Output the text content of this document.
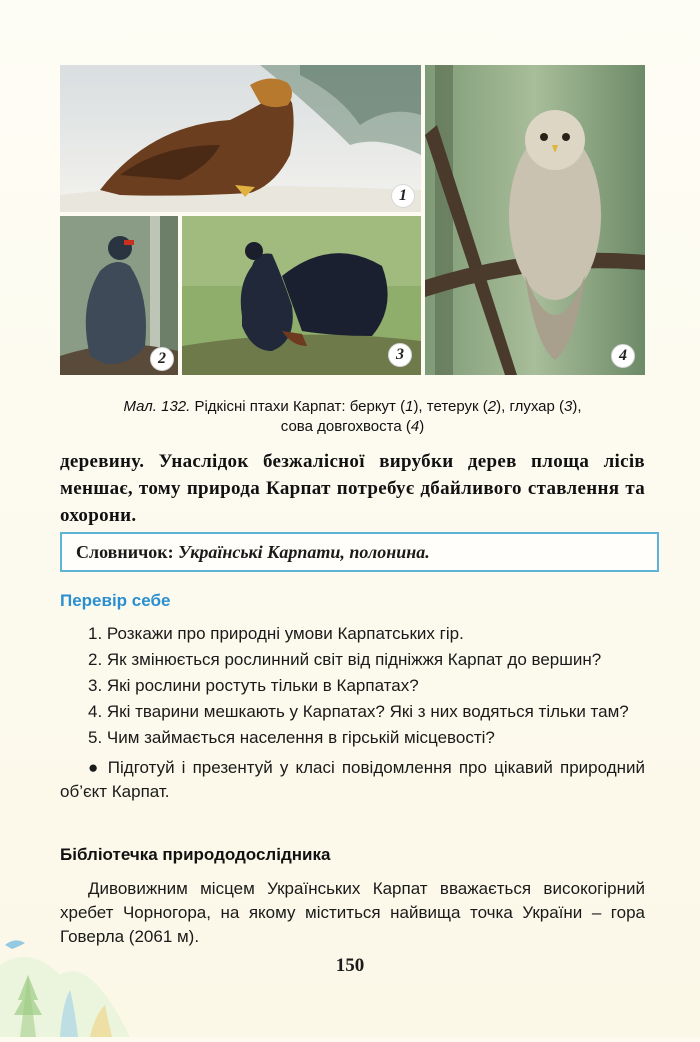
1
2	3	4
Мал. 132. Рідкісні птахи Карпат: беркут (1), тетерук (2), глухар (3),
сова довгохвоста (4)
деревину. Унаслідок безжалісної вирубки дерев площа лісів меншає, тому природа Карпат потребує дбайливого ставлення та охорони.
Словничок: Українські Карпати, полонина.
Перевір себе

1. Розкажи про природні умови Карпатських гір.

2. Як змінюється рослинний світ від підніжжя Карпат до вершин?

3. Які рослини ростуть тільки в Карпатах?

4. Які тварини мешкають у Карпатах? Які з них водяться тільки там?

5. Чим займається населення в гірській місцевості?

● Підготуй і презентуй у класі повідомлення про цікавий природний об’єкт Карпат.

Бібліотечка природодослідника
Дивовижним місцем Українських Карпат вважається високогірний хребет Чорногора, на якому міститься найвища точка України – гора Говерла (2061 м).
150
